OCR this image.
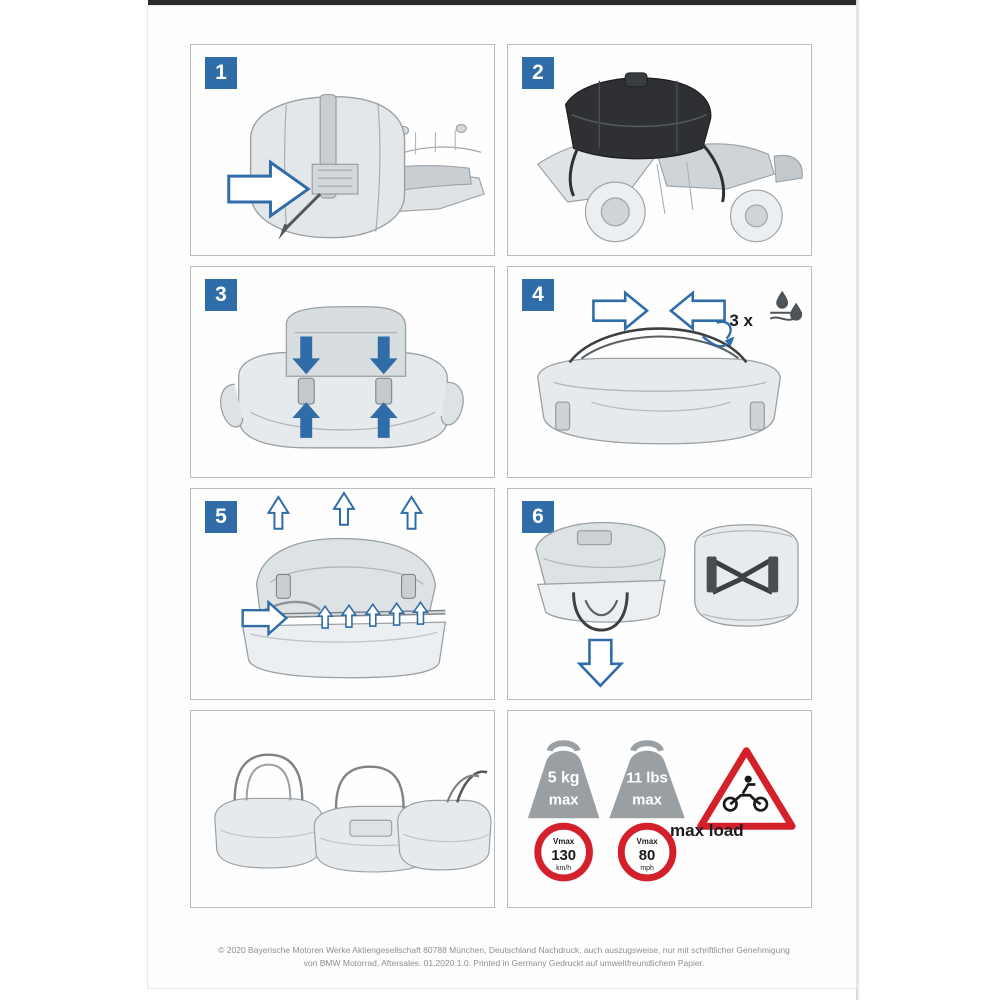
1	2
3	4
3 x
5	6
5 kg
max
11 lbs
max
Vmax
130
km/h
Vmax
80
mph
max load
© 2020 Bayerische Motoren Werke Aktiengesellschaft 80788 München, Deutschland Nachdruck, auch auszugsweise, nur mit schriftlicher Genehmigung
von BMW Motorrad, Aftersales. 01.2020 1.0. Printed in Germany Gedruckt auf umweltfreundlichem Papier.
